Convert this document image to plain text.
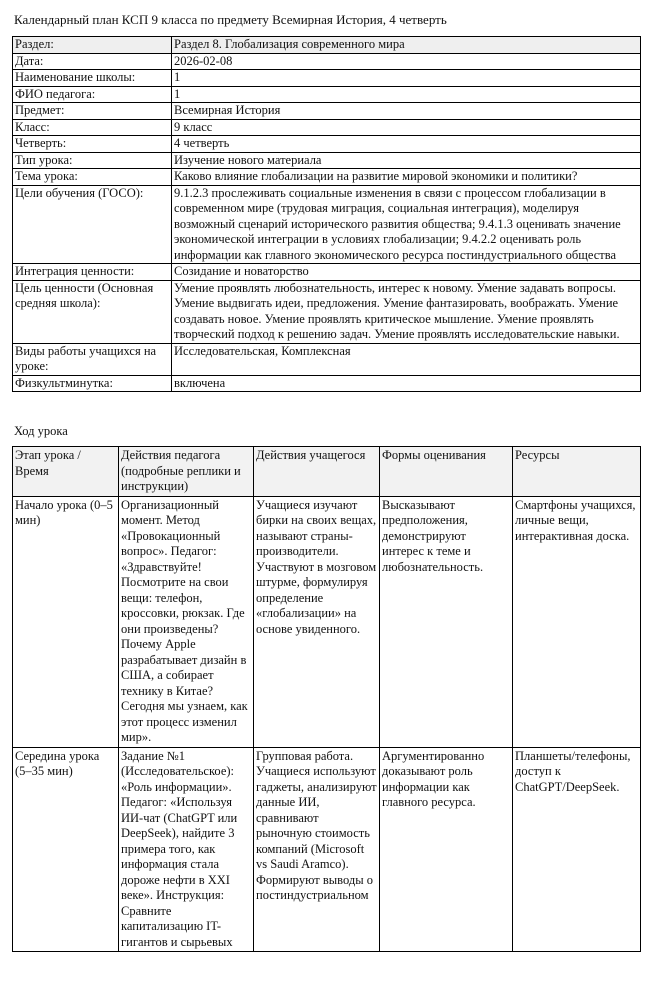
Календарный план КСП 9 класса по предмету Всемирная История, 4 четверть
Раздел:	Раздел 8. Глобализация современного мира
Дата:	2026-02-08
Наименование школы:	1
ФИО педагога:	1
Предмет:	Всемирная История
Класс:	9 класс
Четверть:	4 четверть
Тип урока:	Изучение нового материала
Тема урока:	Каково влияние глобализации на развитие мировой экономики и политики?
Цели обучения (ГОСО):	9.1.2.3 прослеживать социальные изменения в связи с процессом глобализации в современном мире (трудовая миграция, социальная интеграция), моделируя возможный сценарий исторического развития общества; 9.4.1.3 оценивать значение экономической интеграции в условиях глобализации; 9.4.2.2 оценивать роль информации как главного экономического ресурса постиндустриального общества
Интеграция ценности:	Созидание и новаторство
Цель ценности (Основная средняя школа):	Умение проявлять любознательность, интерес к новому. Умение задавать вопросы. Умение выдвигать идеи, предложения. Умение фантазировать, воображать. Умение создавать новое. Умение проявлять критическое мышление. Умение проявлять творческий подход к решению задач. Умение проявлять исследовательские навыки.
Виды работы учащихся на уроке:	Исследовательская, Комплексная
Физкультминутка:	включена
Ход урока
Этап урока / Время	Действия педагога (подробные реплики и инструкции)	Действия учащегося	Формы оценивания	Ресурсы
Начало урока (0–5 мин)	Организационный момент. Метод «Провокационный вопрос». Педагог: «Здравствуйте! Посмотрите на свои вещи: телефон, кроссовки, рюкзак. Где они произведены? Почему Apple разрабатывает дизайн в США, а собирает технику в Китае? Сегодня мы узнаем, как этот процесс изменил мир».	Учащиеся изучают бирки на своих вещах, называют страны-производители. Участвуют в мозговом штурме, формулируя определение «глобализации» на основе увиденного.	Высказывают предположения, демонстрируют интерес к теме и любознательность.	Смартфоны учащихся, личные вещи, интерактивная доска.
Середина урока (5–35 мин)	Задание №1 (Исследовательское): «Роль информации». Педагог: «Используя ИИ-чат (ChatGPT или DeepSeek), найдите 3 примера того, как информация стала дороже нефти в XXI веке». Инструкция: Сравните капитализацию IT-гигантов и сырьевых	Групповая работа. Учащиеся используют гаджеты, анализируют данные ИИ, сравнивают рыночную стоимость компаний (Microsoft vs Saudi Aramco). Формируют выводы о постиндустриальном	Аргументированно доказывают роль информации как главного ресурса.	Планшеты/телефоны, доступ к ChatGPT/DeepSeek.
